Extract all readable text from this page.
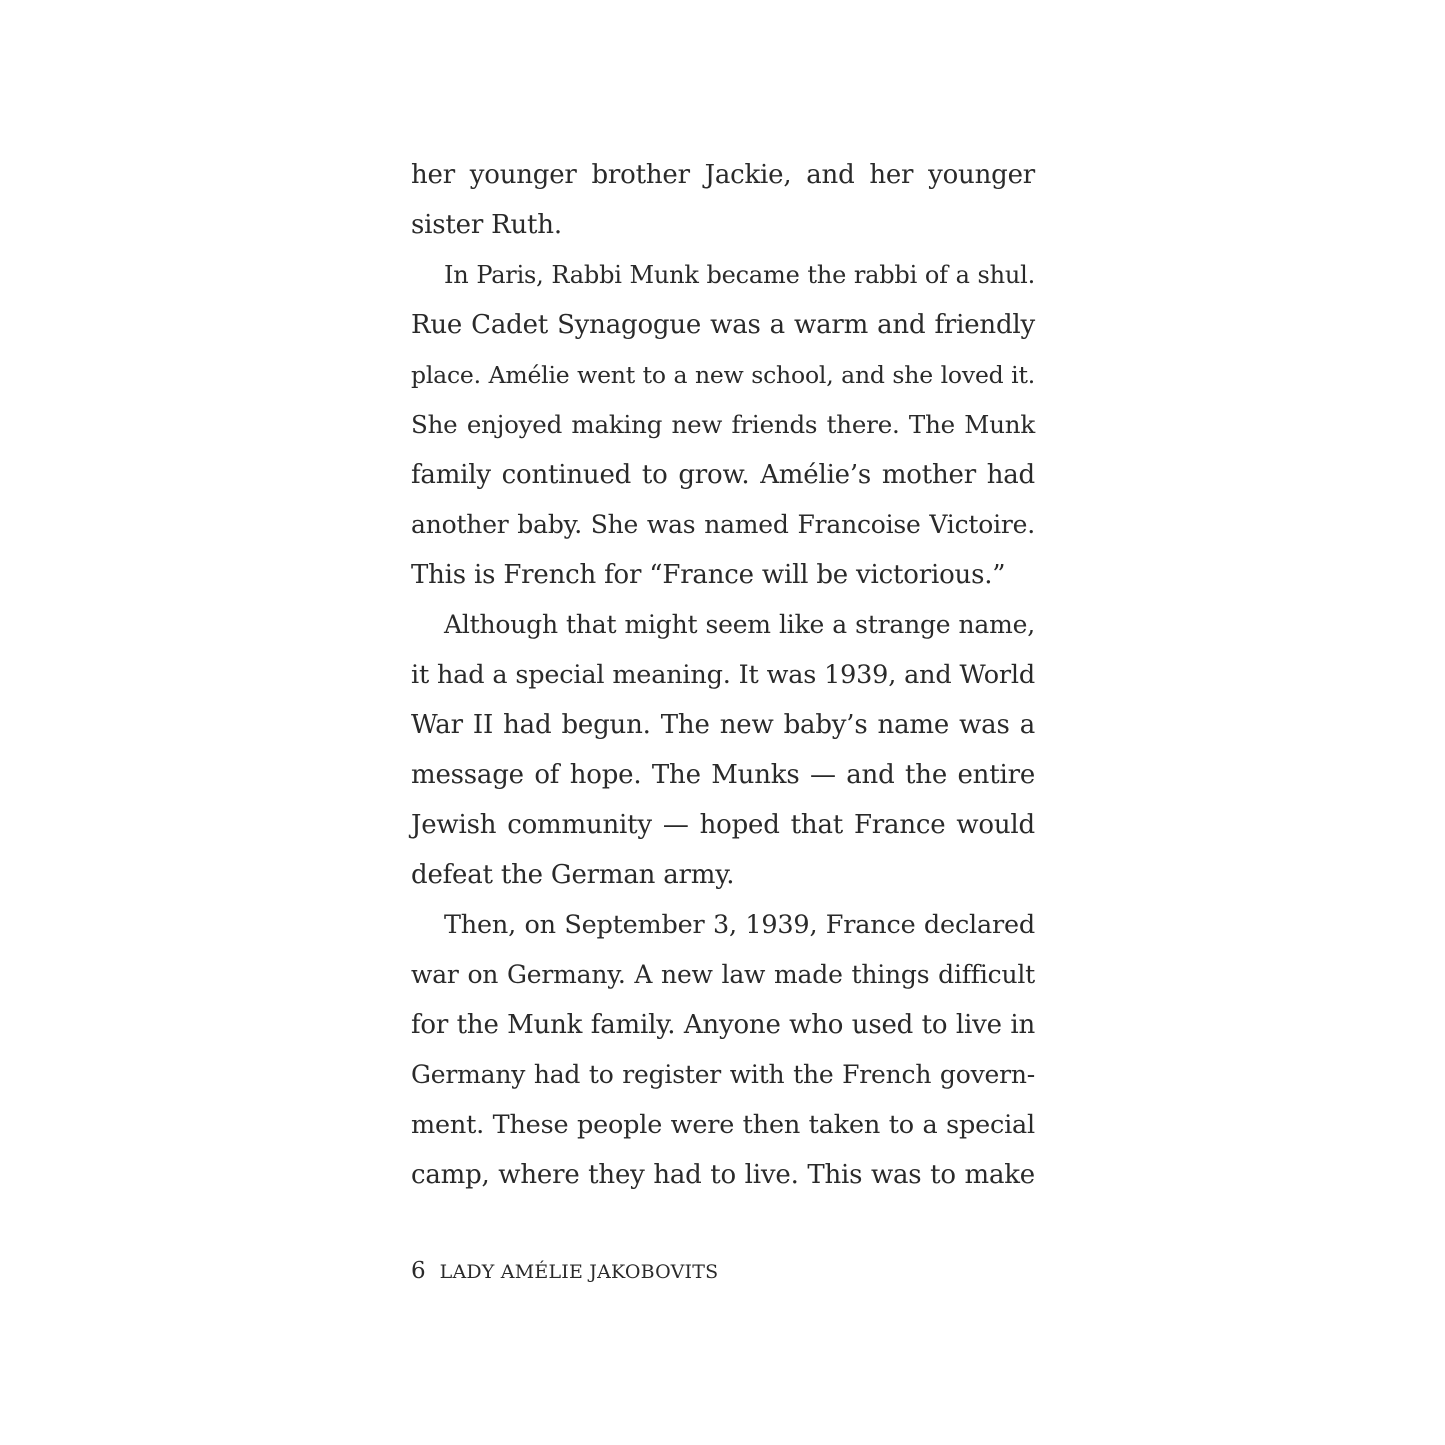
her younger brother Jackie, and her younger
sister Ruth.
In Paris, Rabbi Munk became the rabbi of a shul.
Rue Cadet Synagogue was a warm and friendly
place. Amélie went to a new school, and she loved it.
She enjoyed making new friends there. The Munk
family continued to grow. Amélie’s mother had
another baby. She was named Francoise Victoire.
This is French for “France will be victorious.”
Although that might seem like a strange name,
it had a special meaning. It was 1939, and World
War II had begun. The new baby’s name was a
message of hope. The Munks — and the entire
Jewish community — hoped that France would
defeat the German army.
Then, on September 3, 1939, France declared
war on Germany. A new law made things difficult
for the Munk family. Anyone who used to live in
Germany had to register with the French govern-
ment. These people were then taken to a special
camp, where they had to live. This was to make
6 LADY AMÉLIE JAKOBOVITS
